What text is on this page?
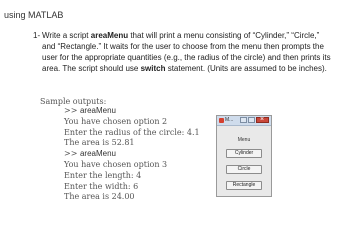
using MATLAB
1- Write a script areaMenu that will print a menu consisting of “Cylinder,” “Circle,” and “Rectangle.” It waits for the user to choose from the menu then prompts the user for the appropriate quantities (e.g., the radius of the circle) and then prints its area. The script should use switch statement. (Units are assumed to be inches).
Sample outputs:
>> areaMenu
You have chosen option 2
Enter the radius of the circle: 4.1
The area is 52.81
>> areaMenu
You have chosen option 3
Enter the length: 4
Enter the width: 6
The area is 24.00
M...
×
Menu
Cylinder
Circle
Rectangle
